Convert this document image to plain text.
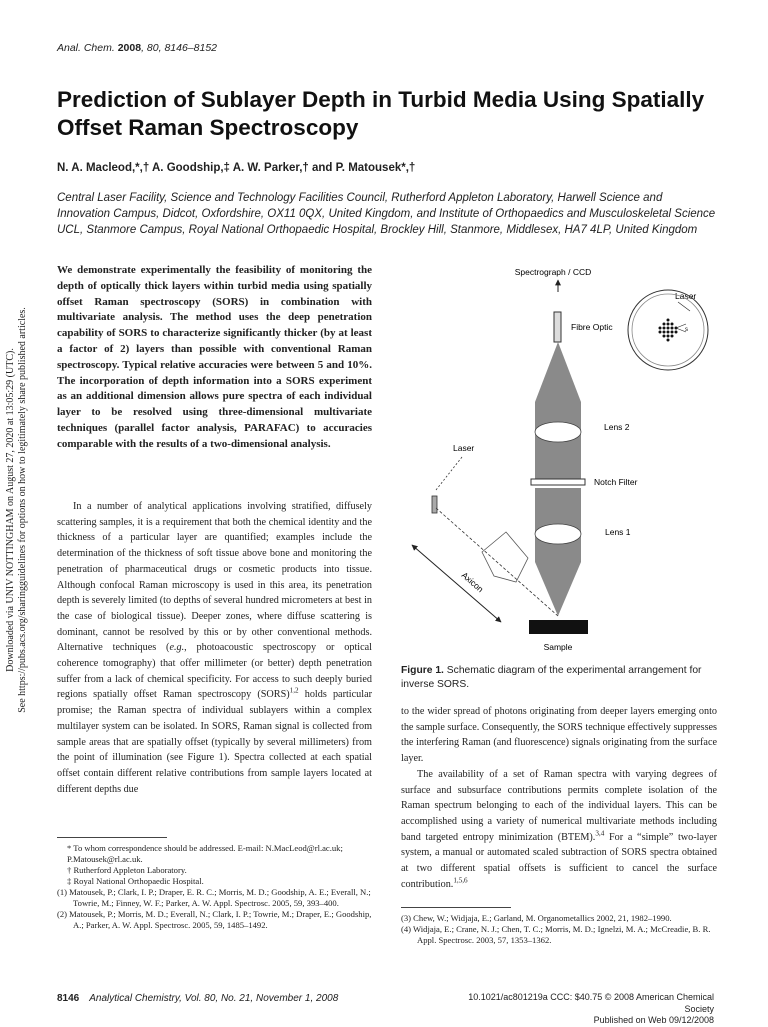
Anal. Chem. 2008, 80, 8146–8152
Prediction of Sublayer Depth in Turbid Media Using Spatially Offset Raman Spectroscopy
N. A. Macleod,*,† A. Goodship,‡ A. W. Parker,† and P. Matousek*,†
Central Laser Facility, Science and Technology Facilities Council, Rutherford Appleton Laboratory, Harwell Science and Innovation Campus, Didcot, Oxfordshire, OX11 0QX, United Kingdom, and Institute of Orthopaedics and Musculoskeletal Science UCL, Stanmore Campus, Royal National Orthopaedic Hospital, Brockley Hill, Stanmore, Middlesex, HA7 4LP, United Kingdom
Downloaded via UNIV NOTTINGHAM on August 27, 2020 at 13:05:29 (UTC). See https://pubs.acs.org/sharingguidelines for options on how to legitimately share published articles.
We demonstrate experimentally the feasibility of monitoring the depth of optically thick layers within turbid media using spatially offset Raman spectroscopy (SORS) in combination with multivariate analysis. The method uses the deep penetration capability of SORS to characterize significantly thicker (by at least a factor of 2) layers than possible with conventional Raman spectroscopy. Typical relative accuracies were between 5 and 10%. The incorporation of depth information into a SORS experiment as an additional dimension allows pure spectra of each individual layer to be resolved using three-dimensional multivariate techniques (parallel factor analysis, PARAFAC) to accuracies comparable with the results of a two-dimensional analysis.
In a number of analytical applications involving stratified, diffusely scattering samples, it is a requirement that both the chemical identity and the thickness of a particular layer are quantified; examples include the determination of the thickness of soft tissue above bone and monitoring the penetration of pharmaceutical drugs or cosmetic products into tissue. Although confocal Raman microscopy is used in this area, its penetration depth is severely limited (to depths of several hundred micrometers at best in the case of biological tissue). Deeper zones, where diffuse scattering is dominant, cannot be resolved by this or by other conventional methods. Alternative techniques (e.g., photoacoustic spectroscopy or optical coherence tomography) that offer millimeter (or better) depth penetration suffer from a lack of chemical specificity. For access to such deeply buried regions spatially offset Raman spectroscopy (SORS)$^{1,2}$ holds particular promise; the Raman spectra of individual sublayers within a complex multilayer system can be isolated. In SORS, Raman signal is collected from sample areas that are spatially offset (typically by several millimeters) from the point of illumination (see Figure 1). Spectra collected at each spatial offset contain different relative contributions from sample layers located at different depths due
Spectrograph / CCD
Fibre Optic
Lens 2
Notch Filter
Lens 1
Sample
Laser
Axicon
Laser
s
Figure 1. Schematic diagram of the experimental arrangement for inverse SORS.

to the wider spread of photons originating from deeper layers emerging onto the sample surface. Consequently, the SORS technique effectively suppresses the interfering Raman (and fluorescence) signals originating from the surface layer.

The availability of a set of Raman spectra with varying degrees of surface and subsurface contributions permits complete isolation of the Raman spectrum belonging to each of the individual layers. This can be accomplished using a variety of numerical multivariate methods including band targeted entropy minimization (BTEM).$^{3,4}$ For a “simple” two-layer system, a manual or automated scaled subtraction of SORS spectra obtained at two different spatial offsets is sufficient to cancel the surface contribution.$^{1,5,6}$

* To whom correspondence should be addressed. E-mail: N.MacLeod@rl.ac.uk; P.Matousek@rl.ac.uk.
† Rutherford Appleton Laboratory.
‡ Royal National Orthopaedic Hospital.
(1) Matousek, P.; Clark, I. P.; Draper, E. R. C.; Morris, M. D.; Goodship, A. E.; Everall, N.; Towrie, M.; Finney, W. F.; Parker, A. W. Appl. Spectrosc. 2005, 59, 393–400.
(2) Matousek, P.; Morris, M. D.; Everall, N.; Clark, I. P.; Towrie, M.; Draper, E.; Goodship, A.; Parker, A. W. Appl. Spectrosc. 2005, 59, 1485–1492.
(3) Chew, W.; Widjaja, E.; Garland, M. Organometallics 2002, 21, 1982–1990.
(4) Widjaja, E.; Crane, N. J.; Chen, T. C.; Morris, M. D.; Ignelzi, M. A.; McCreadie, B. R. Appl. Spectrosc. 2003, 57, 1353–1362.
8146 Analytical Chemistry, Vol. 80, No. 21, November 1, 2008	10.1021/ac801219a CCC: $40.75 © 2008 American Chemical Society
Published on Web 09/12/2008
